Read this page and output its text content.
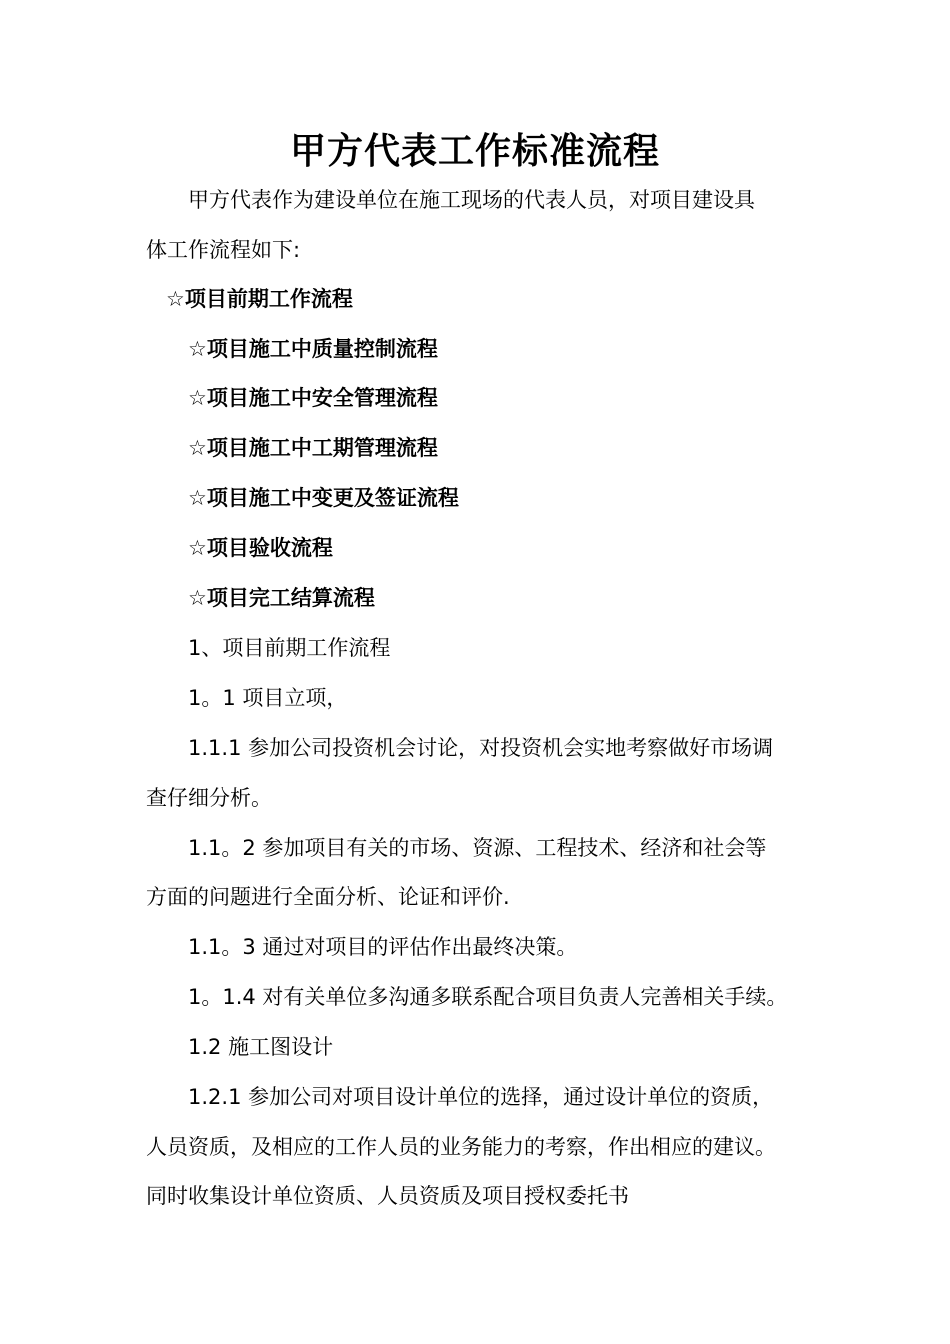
甲方代表工作标准流程
甲方代表作为建设单位在施工现场的代表人员，对项目建设具
体工作流程如下:
☆项目前期工作流程
☆项目施工中质量控制流程
☆项目施工中安全管理流程
☆项目施工中工期管理流程
☆项目施工中变更及签证流程
☆项目验收流程
☆项目完工结算流程
1、项目前期工作流程
1。1 项目立项，
1.1.1 参加公司投资机会讨论，对投资机会实地考察做好市场调
查仔细分析。
1.1。2 参加项目有关的市场、资源、工程技术、经济和社会等
方面的问题进行全面分析、论证和评价.
1.1。3 通过对项目的评估作出最终决策。
1。1.4 对有关单位多沟通多联系配合项目负责人完善相关手续。
1.2 施工图设计
1.2.1 参加公司对项目设计单位的选择，通过设计单位的资质，
人员资质，及相应的工作人员的业务能力的考察，作出相应的建议。
同时收集设计单位资质、人员资质及项目授权委托书
